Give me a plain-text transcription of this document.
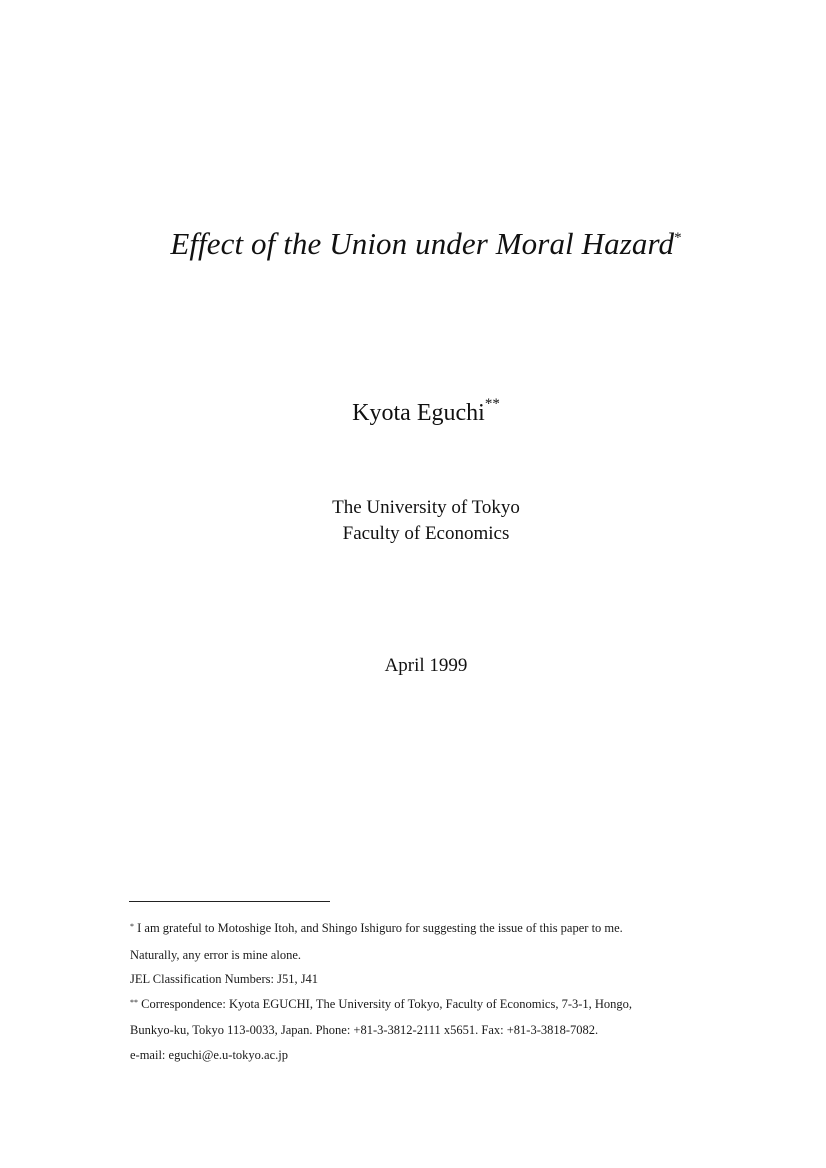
Effect of the Union under Moral Hazard*
Kyota Eguchi**
The University of Tokyo
Faculty of Economics
April 1999
* I am grateful to Motoshige Itoh, and Shingo Ishiguro for suggesting the issue of this paper to me.
Naturally, any error is mine alone.
JEL Classification Numbers: J51, J41
** Correspondence: Kyota EGUCHI, The University of Tokyo, Faculty of Economics, 7-3-1, Hongo,
Bunkyo-ku, Tokyo 113-0033, Japan. Phone: +81-3-3812-2111 x5651. Fax: +81-3-3818-7082.
e-mail: eguchi@e.u-tokyo.ac.jp
